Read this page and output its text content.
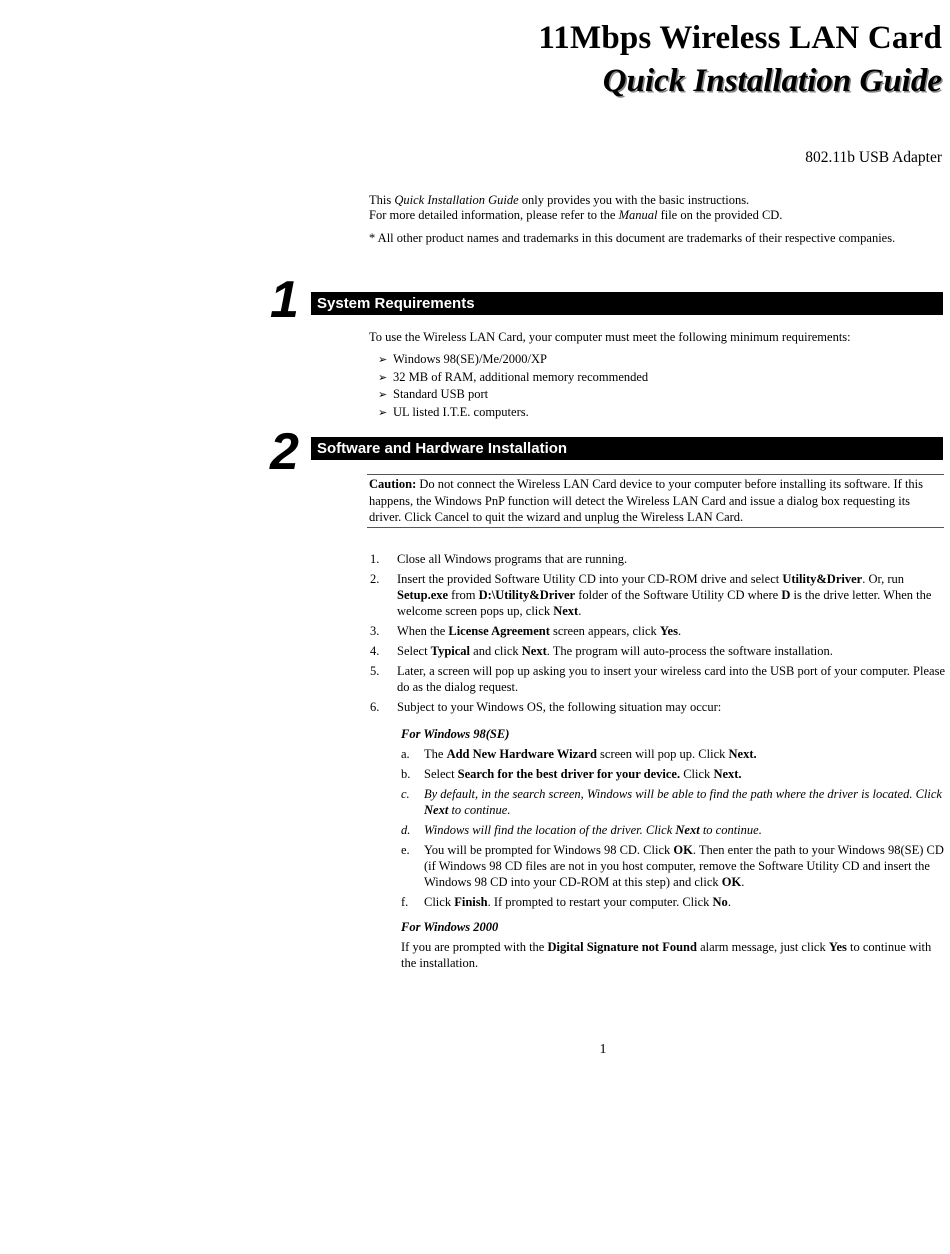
11Mbps Wireless LAN Card
Quick Installation Guide
802.11b USB Adapter

This Quick Installation Guide only provides you with the basic instructions.

For more detailed information, please refer to the Manual file on the provided CD.

* All other product names and trademarks in this document are trademarks of their respective companies.

1	System Requirements
To use the Wireless LAN Card, your computer must meet the following minimum requirements:
➢ Windows 98(SE)/Me/2000/XP
➢ 32 MB of RAM, additional memory recommended
➢ Standard USB port
➢ UL listed I.T.E. computers.
2	Software and Hardware Installation
Caution: Do not connect the Wireless LAN Card device to your computer before installing its software. If this happens, the Windows PnP function will detect the Wireless LAN Card and issue a dialog box requesting its driver. Click Cancel to quit the wizard and unplug the Wireless LAN Card.
1.	Close all Windows programs that are running.
2.	Insert the provided Software Utility CD into your CD-ROM drive and select Utility&Driver. Or, run Setup.exe from D:\Utility&Driver folder of the Software Utility CD where D is the drive letter. When the welcome screen pops up, click Next.
3.	When the License Agreement screen appears, click Yes.
4.	Select Typical and click Next. The program will auto-process the software installation.
5.	Later, a screen will pop up asking you to insert your wireless card into the USB port of your computer. Please do as the dialog request.
6.	Subject to your Windows OS, the following situation may occur:
For Windows 98(SE)
a.	The Add New Hardware Wizard screen will pop up. Click Next.
b.	Select Search for the best driver for your device. Click Next.
c.	By default, in the search screen, Windows will be able to find the path where the driver is located. Click Next to continue.
d.	Windows will find the location of the driver. Click Next to continue.
e.	You will be prompted for Windows 98 CD. Click OK. Then enter the path to your Windows 98(SE) CD (if Windows 98 CD files are not in you host computer, remove the Software Utility CD and insert the Windows 98 CD into your CD-ROM at this step) and click OK.
f.	Click Finish. If prompted to restart your computer. Click No.
For Windows 2000
If you are prompted with the Digital Signature not Found alarm message, just click Yes to continue with the installation.
1
